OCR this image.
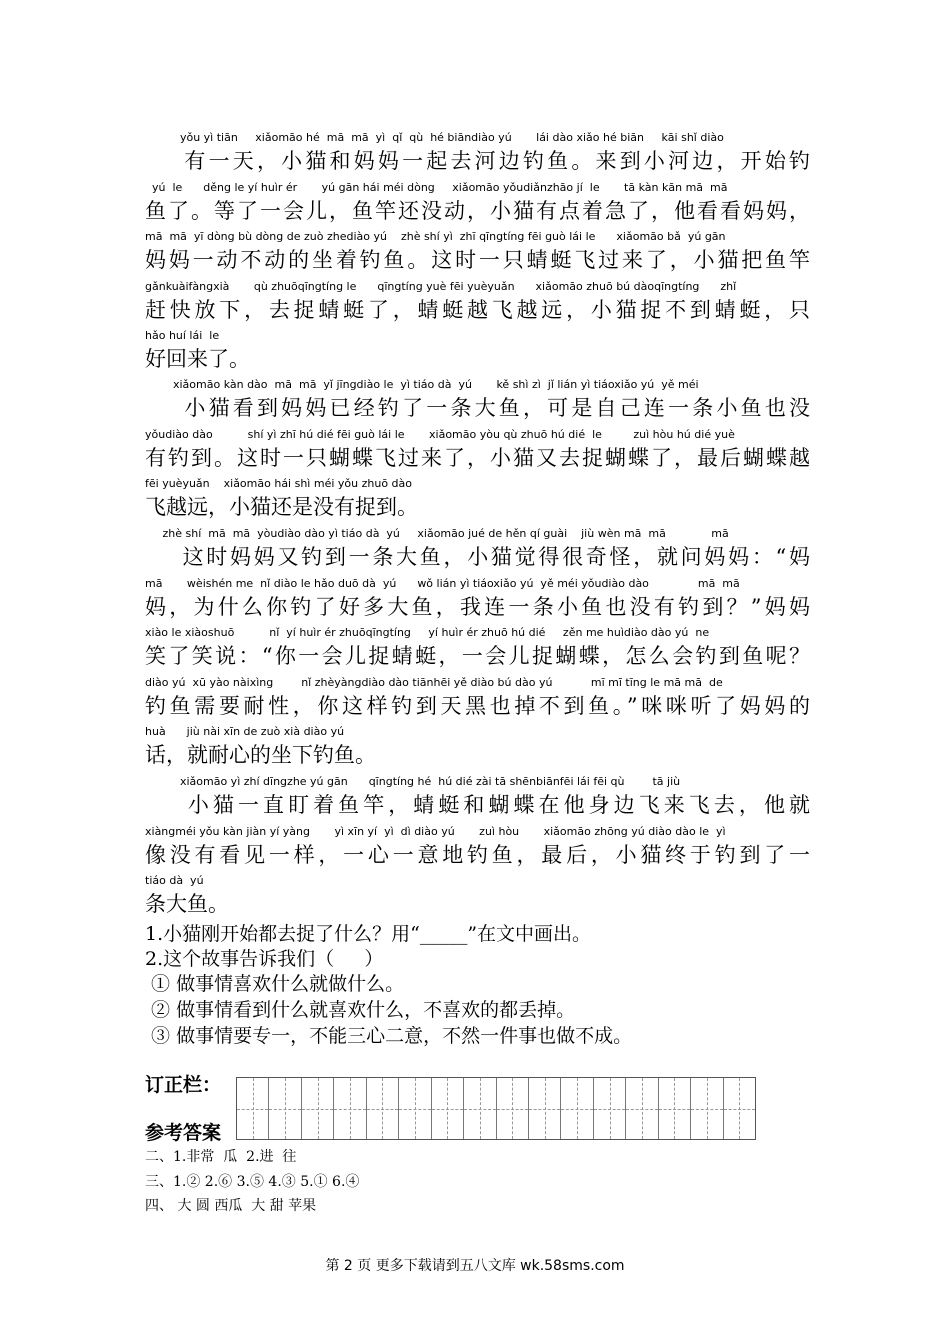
yǒu yì tiān     xiǎomāo hé  mā  mā  yì  qǐ  qù  hé biāndiào yú       lái dào xiǎo hé biān     kāi shǐ diào
有一天，小猫和妈妈一起去河边钓鱼。来到小河边，开始钓
yú  le      děng le yí huìr ér       yú gān hái méi dòng     xiǎomāo yǒudiǎnzhāo jí  le       tā kàn kān mā  mā
鱼了。等了一会儿，鱼竿还没动，小猫有点着急了，他看看妈妈，
mā  mā  yī dòng bù dòng de zuò zhediào yú    zhè shí yì  zhī qīngtíng fēi guò lái le      xiǎomāo bǎ  yú gān
妈妈一动不动的坐着钓鱼。这时一只蜻蜓飞过来了，小猫把鱼竿
gǎnkuàifàngxià       qù zhuōqīngtíng le      qīngtíng yuè fēi yuèyuǎn      xiǎomāo zhuō bú dàoqīngtíng      zhǐ
赶快放下，去捉蜻蜓了，蜻蜓越飞越远，小猫捉不到蜻蜓，只
hǎo huí lái  le
好回来了。
xiǎomāo kàn dào  mā  mā  yǐ jīngdiào le  yì tiáo dà  yú       kě shì zì  jǐ lián yì tiáoxiǎo yú  yě méi
小猫看到妈妈已经钓了一条大鱼，可是自己连一条小鱼也没
yǒudiào dào          shí yì zhī hú dié fēi guò lái le       xiǎomāo yòu qù zhuō hú dié  le         zuì hòu hú dié yuè
有钓到。这时一只蝴蝶飞过来了，小猫又去捉蝴蝶了，最后蝴蝶越
fēi yuèyuǎn    xiǎomāo hái shì méi yǒu zhuō dào
飞越远，小猫还是没有捉到。
zhè shí  mā  mā  yòudiào dào yì tiáo dà  yú     xiǎomāo jué de hěn qí guài    jiù wèn mā  mā             mā
这时妈妈又钓到一条大鱼，小猫觉得很奇怪，就问妈妈：“妈
mā       wèishén me  nǐ diào le hǎo duō dà  yú      wǒ lián yì tiáoxiǎo yú  yě méi yǒudiào dào              mā  mā
妈，为什么你钓了好多大鱼，我连一条小鱼也没有钓到？”妈妈
xiào le xiàoshuō          nǐ  yí huìr ér zhuōqīngtíng     yí huìr ér zhuō hú dié     zěn me huìdiào dào yú  ne
笑了笑说：“你一会儿捉蜻蜓，一会儿捉蝴蝶，怎么会钓到鱼呢？
diào yú  xū yào nàixìng        nǐ zhèyàngdiào dào tiānhēi yě diào bú dào yú           mī mī tīng le mā mā  de
钓鱼需要耐性，你这样钓到天黑也掉不到鱼。”咪咪听了妈妈的
huà      jiù nài xīn de zuò xià diào yú
话，就耐心的坐下钓鱼。
xiǎomāo yì zhí dīngzhe yú gān      qīngtíng hé  hú dié zài tā shēnbiānfēi lái fēi qù        tā jiù
小猫一直盯着鱼竿，蜻蜓和蝴蝶在他身边飞来飞去，他就
xiàngméi yǒu kàn jiàn yí yàng       yì xīn yí  yì  dì diào yú       zuì hòu       xiǎomāo zhōng yú diào dào le  yì
像没有看见一样，一心一意地钓鱼，最后，小猫终于钓到了一
tiáo dà  yú
条大鱼。
1.小猫刚开始都去捉了什么？用“_____”在文中画出。
2.这个故事告诉我们（     ）
① 做事情喜欢什么就做什么。
② 做事情看到什么就喜欢什么，不喜欢的都丢掉。
③ 做事情要专一，不能三心二意，不然一件事也做不成。
订正栏：
参考答案
二、1.非常  瓜  2.进  往
三、1.② 2.⑥ 3.⑤ 4.③ 5.① 6.④
四、 大 圆 西瓜  大 甜 苹果
第 2 页 更多下载请到五八文库 wk.58sms.com
